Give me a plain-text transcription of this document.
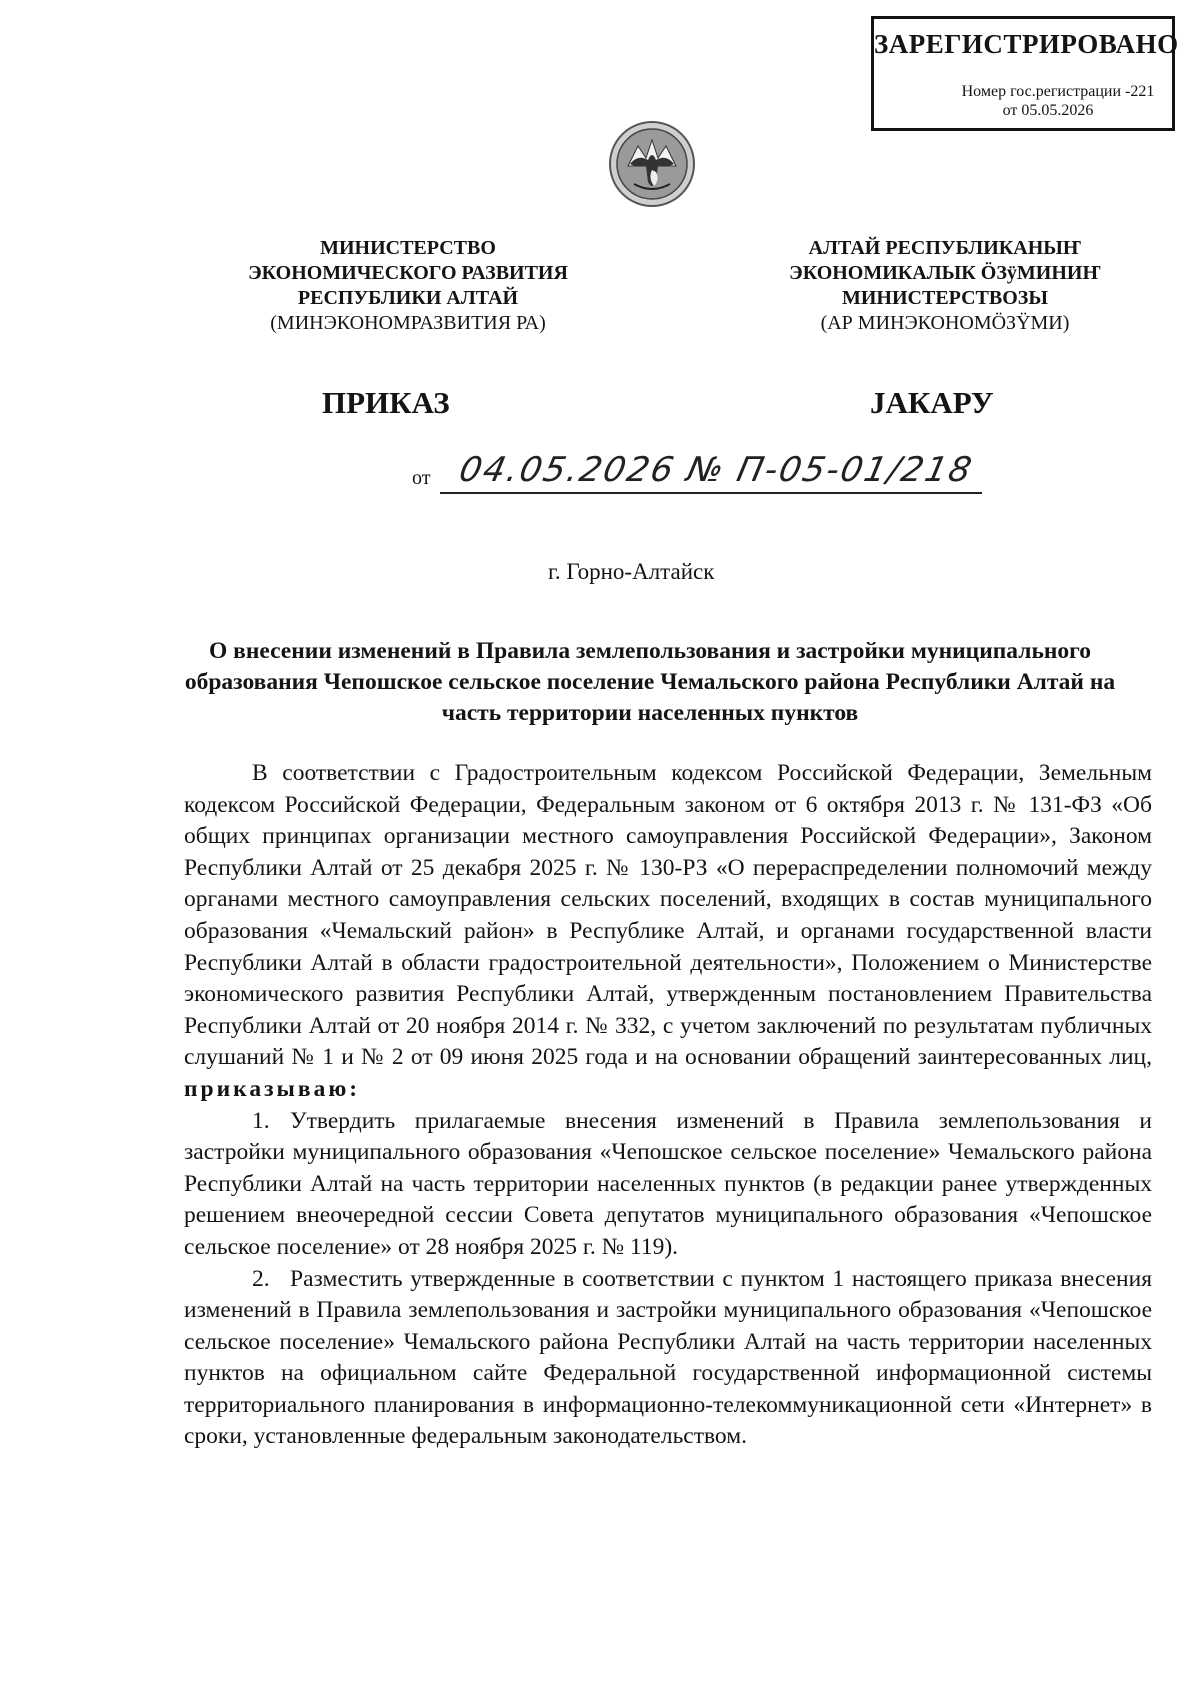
ЗАРЕГИСТРИРОВАНО
Номер гос.регистрации -221
от 05.05.2026
МИНИСТЕРСТВО
ЭКОНОМИЧЕСКОГО РАЗВИТИЯ
РЕСПУБЛИКИ АЛТАЙ
(МИНЭКОНОМРАЗВИТИЯ РА)
АЛТАЙ РЕСПУБЛИКАНЫҤ
ЭКОНОМИКАЛЫК ÖЗÿМИНИҤ
МИНИСТЕРСТВОЗЫ
(АР МИНЭКОНОМÖЗŸМИ)
ПРИКАЗ	ЈАКАРУ
от 04.05.2026 № П-05-01/218
г. Горно-Алтайск
О внесении изменений в Правила землепользования и застройки муниципального образования Чепошское сельское поселение Чемальского района Республики Алтай на часть территории населенных пунктов

В соответствии с Градостроительным кодексом Российской Федерации, Земельным кодексом Российской Федерации, Федеральным законом от 6 октября 2013 г. № 131-ФЗ «Об общих принципах организации местного самоуправления Российской Федерации», Законом Республики Алтай от 25 декабря 2025 г. № 130-РЗ «О перераспределении полномочий между органами местного самоуправления сельских поселений, входящих в состав муниципального образования «Чемальский район» в Республике Алтай, и органами государственной власти Республики Алтай в области градостроительной деятельности», Положением о Министерстве экономического развития Республики Алтай, утвержденным постановлением Правительства Республики Алтай от 20 ноября 2014 г. № 332, с учетом заключений по результатам публичных слушаний № 1 и № 2 от 09 июня 2025 года и на основании обращений заинтересованных лиц, приказываю:

1. Утвердить прилагаемые внесения изменений в Правила землепользования и застройки муниципального образования «Чепошское сельское поселение» Чемальского района Республики Алтай на часть территории населенных пунктов (в редакции ранее утвержденных решением внеочередной сессии Совета депутатов муниципального образования «Чепошское сельское поселение» от 28 ноября 2025 г. № 119).

2. Разместить утвержденные в соответствии с пунктом 1 настоящего приказа внесения изменений в Правила землепользования и застройки муниципального образования «Чепошское сельское поселение» Чемальского района Республики Алтай на часть территории населенных пунктов на официальном сайте Федеральной государственной информационной системы территориального планирования в информационно-телекоммуникационной сети «Интернет» в сроки, установленные федеральным законодательством.
